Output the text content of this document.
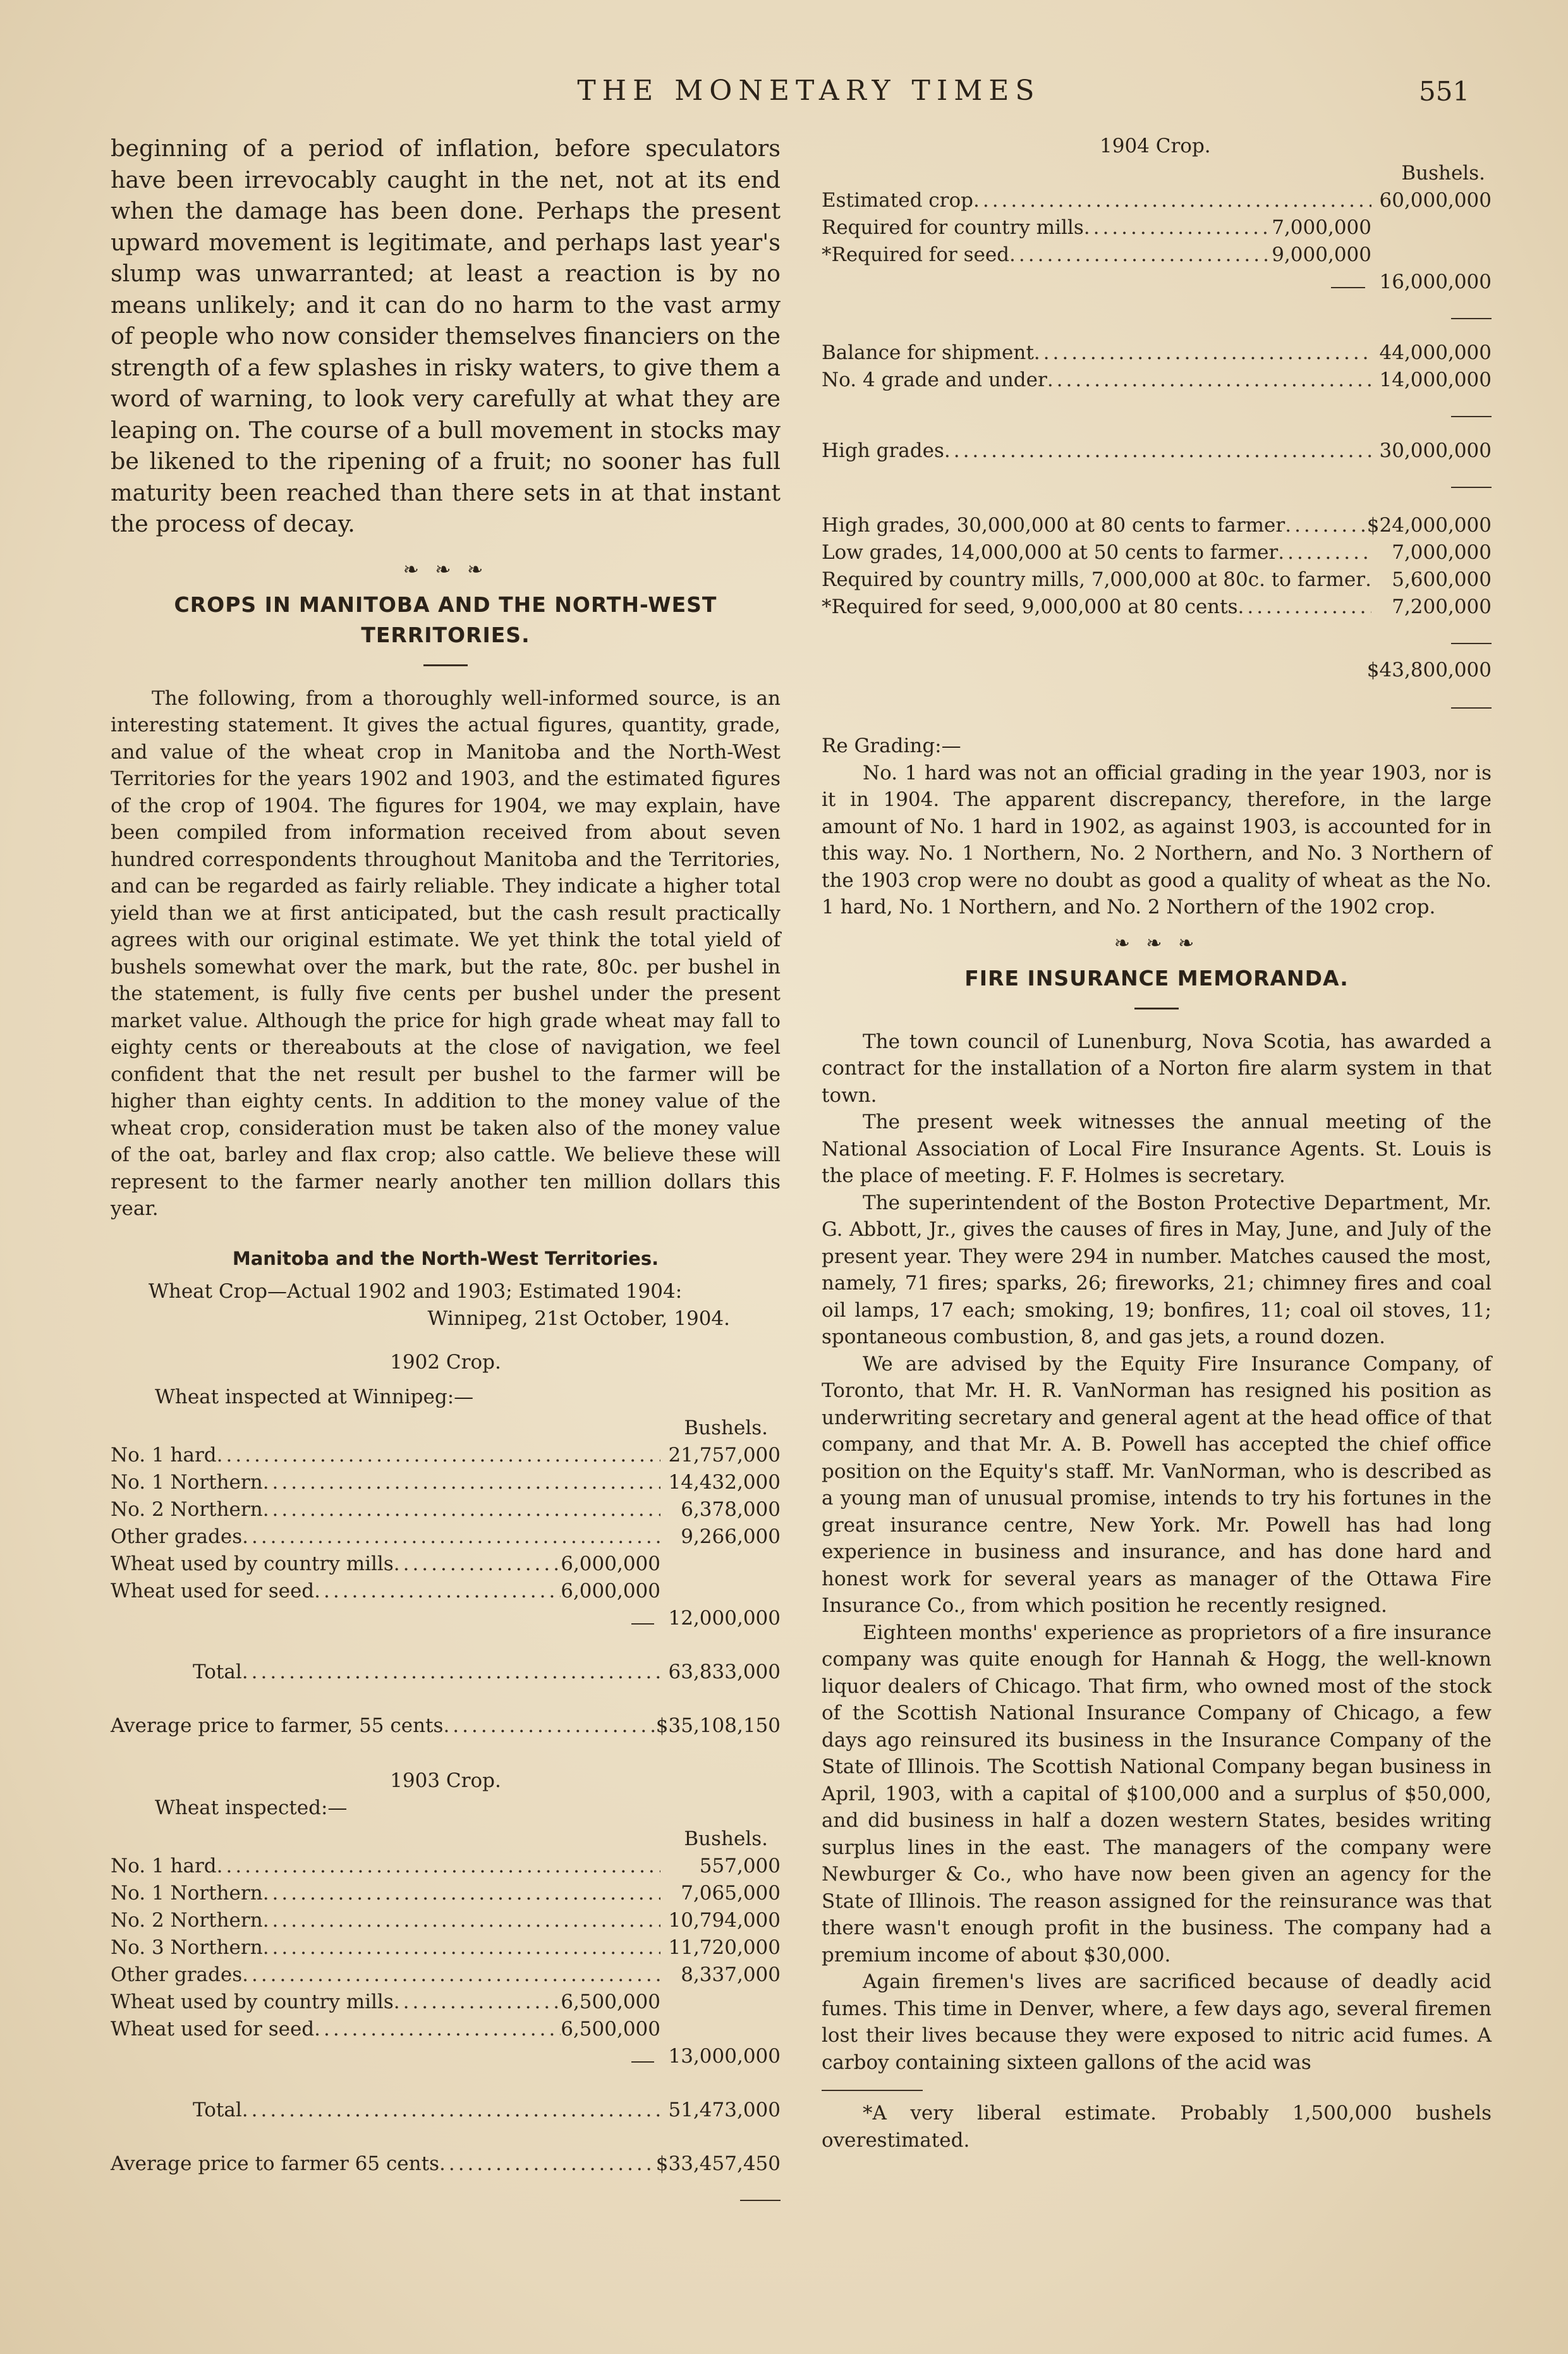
THE MONETARY TIMES	551

beginning of a period of inflation, before speculators have been irrevocably caught in the net, not at its end when the damage has been done. Perhaps the present upward movement is legitimate, and perhaps last year's slump was unwarranted; at least a reaction is by no means unlikely; and it can do no harm to the vast army of people who now consider themselves financiers on the strength of a few splashes in risky waters, to give them a word of warning, to look very carefully at what they are leaping on. The course of a bull movement in stocks may be likened to the ripening of a fruit; no sooner has full maturity been reached than there sets in at that instant the process of decay.

❧ ❧ ❧

CROPS IN MANITOBA AND THE NORTH-WEST

TERRITORIES.

The following, from a thoroughly well-informed source, is an interesting statement. It gives the actual figures, quantity, grade, and value of the wheat crop in Manitoba and the North-West Territories for the years 1902 and 1903, and the estimated figures of the crop of 1904. The figures for 1904, we may explain, have been compiled from information received from about seven hundred correspondents throughout Manitoba and the Territories, and can be regarded as fairly reliable. They indicate a higher total yield than we at first anticipated, but the cash result practically agrees with our original estimate. We yet think the total yield of bushels somewhat over the mark, but the rate, 80c. per bushel in the statement, is fully five cents per bushel under the present market value. Although the price for high grade wheat may fall to eighty cents or thereabouts at the close of navigation, we feel confident that the net result per bushel to the farmer will be higher than eighty cents. In addition to the money value of the wheat crop, consideration must be taken also of the money value of the oat, barley and flax crop; also cattle. We believe these will represent to the farmer nearly another ten million dollars this year.

Manitoba and the North-West Territories.

Wheat Crop—Actual 1902 and 1903; Estimated 1904:
Winnipeg, 21st October, 1904.
1902 Crop.
Wheat inspected at Winnipeg:—
Bushels.
No. 1 hard .....	21,757,000
No. 1 Northern .....	14,432,000
No. 2 Northern .....	6,378,000
Other grades .....	9,266,000
Wheat used by country mills .....	6,000,000
Wheat used for seed .....	6,000,000
12,000,000
Total .....	63,833,000
Average price to farmer, 55 cents .....	$35,108,150
1903 Crop.
Wheat inspected:—
Bushels.
No. 1 hard .....	557,000
No. 1 Northern .....	7,065,000
No. 2 Northern .....	10,794,000
No. 3 Northern .....	11,720,000
Other grades .....	8,337,000
Wheat used by country mills .....	6,500,000
Wheat used for seed .....	6,500,000
13,000,000
Total .....	51,473,000
Average price to farmer 65 cents .....	$33,457,450
1904 Crop.
Bushels.
Estimated crop .....	60,000,000
Required for country mills .....	7,000,000
*Required for seed .....	9,000,000
16,000,000
Balance for shipment .....	44,000,000
No. 4 grade and under .....	14,000,000
High grades .....	30,000,000
High grades, 30,000,000 at 80 cents to farmer .....	$24,000,000
Low grades, 14,000,000 at 50 cents to farmer .....	7,000,000
Required by country mills, 7,000,000 at 80c. to farmer .....	5,600,000
*Required for seed, 9,000,000 at 80 cents .....	7,200,000
$43,800,000

Re Grading:—

No. 1 hard was not an official grading in the year 1903, nor is it in 1904. The apparent discrepancy, therefore, in the large amount of No. 1 hard in 1902, as against 1903, is accounted for in this way. No. 1 Northern, No. 2 Northern, and No. 3 Northern of the 1903 crop were no doubt as good a quality of wheat as the No. 1 hard, No. 1 Northern, and No. 2 Northern of the 1902 crop.

❧ ❧ ❧

FIRE INSURANCE MEMORANDA.

The town council of Lunenburg, Nova Scotia, has awarded a contract for the installation of a Norton fire alarm system in that town.

The present week witnesses the annual meeting of the National Association of Local Fire Insurance Agents. St. Louis is the place of meeting. F. F. Holmes is secretary.

The superintendent of the Boston Protective Department, Mr. G. Abbott, Jr., gives the causes of fires in May, June, and July of the present year. They were 294 in number. Matches caused the most, namely, 71 fires; sparks, 26; fireworks, 21; chimney fires and coal oil lamps, 17 each; smoking, 19; bonfires, 11; coal oil stoves, 11; spontaneous combustion, 8, and gas jets, a round dozen.

We are advised by the Equity Fire Insurance Company, of Toronto, that Mr. H. R. VanNorman has resigned his position as underwriting secretary and general agent at the head office of that company, and that Mr. A. B. Powell has accepted the chief office position on the Equity's staff. Mr. VanNorman, who is described as a young man of unusual promise, intends to try his fortunes in the great insurance centre, New York. Mr. Powell has had long experience in business and insurance, and has done hard and honest work for several years as manager of the Ottawa Fire Insurance Co., from which position he recently resigned.

Eighteen months' experience as proprietors of a fire insurance company was quite enough for Hannah & Hogg, the well-known liquor dealers of Chicago. That firm, who owned most of the stock of the Scottish National Insurance Company of Chicago, a few days ago reinsured its business in the Insurance Company of the State of Illinois. The Scottish National Company began business in April, 1903, with a capital of $100,000 and a surplus of $50,000, and did business in half a dozen western States, besides writing surplus lines in the east. The managers of the company were Newburger & Co., who have now been given an agency for the State of Illinois. The reason assigned for the reinsurance was that there wasn't enough profit in the business. The company had a premium income of about $30,000.

Again firemen's lives are sacrificed because of deadly acid fumes. This time in Denver, where, a few days ago, several firemen lost their lives because they were exposed to nitric acid fumes. A carboy containing sixteen gallons of the acid was

*A very liberal estimate. Probably 1,500,000 bushels overestimated.
